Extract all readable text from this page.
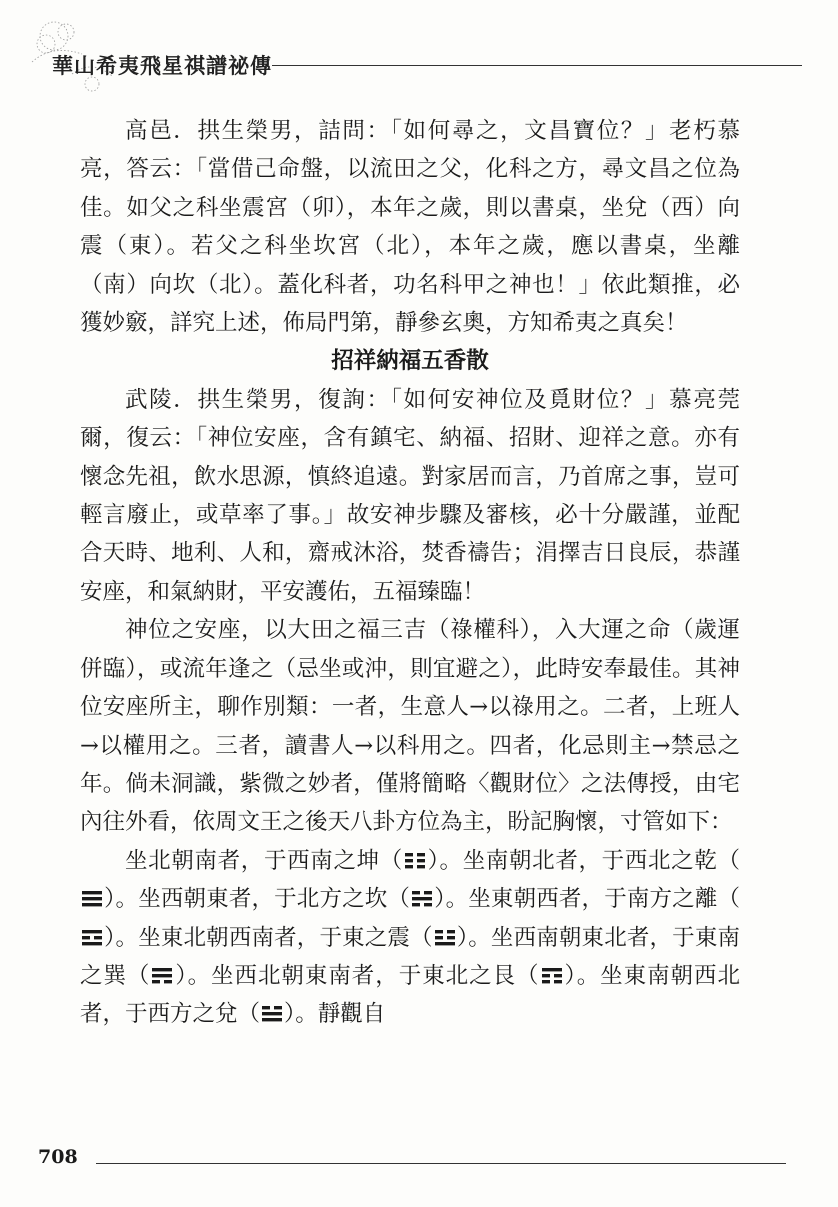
華山希夷飛星祺譜祕傳

高邑．拱生榮男，詰問：「如何尋之，文昌寶位？」老朽慕亮，答云：「當借己命盤，以流田之父，化科之方，尋文昌之位為佳。如父之科坐震宮（卯），本年之歲，則以書桌，坐兌（西）向震（東）。若父之科坐坎宮（北），本年之歲，應以書桌，坐離（南）向坎（北）。蓋化科者，功名科甲之神也！」依此類推，必獲妙竅，詳究上述，佈局門第，靜參玄奧，方知希夷之真矣！

招祥納福五香散

武陵．拱生榮男，復詢：「如何安神位及覓財位？」慕亮莞爾，復云：「神位安座，含有鎮宅、納福、招財、迎祥之意。亦有懷念先祖，飲水思源，慎終追遠。對家居而言，乃首席之事，豈可輕言廢止，或草率了事。」故安神步驟及審核，必十分嚴謹，並配合天時、地利、人和，齋戒沐浴，焚香禱告；涓擇吉日良辰，恭謹安座，和氣納財，平安護佑，五福臻臨！

神位之安座，以大田之福三吉（祿權科），入大運之命（歲運併臨），或流年逢之（忌坐或沖，則宜避之），此時安奉最佳。其神位安座所主，聊作別類：一者，生意人→以祿用之。二者，上班人→以權用之。三者，讀書人→以科用之。四者，化忌則主→禁忌之年。倘未洞識，紫微之妙者，僅將簡略〈觀財位〉之法傳授，由宅內往外看，依周文王之後天八卦方位為主，盼記胸懷，寸管如下：

坐北朝南者，于西南之坤（ ）。坐南朝北者，于西北之乾（
）。坐西朝東者，于北方之坎（ ）。坐東朝西者，于南方之離（
）。坐東北朝西南者，于東之震（ ）。坐西南朝東北者，于東南之巽（ ）。坐西北朝東南者，于東北之艮（ ）。坐東南朝西北者，于西方之兌（ ）。靜觀自

708
